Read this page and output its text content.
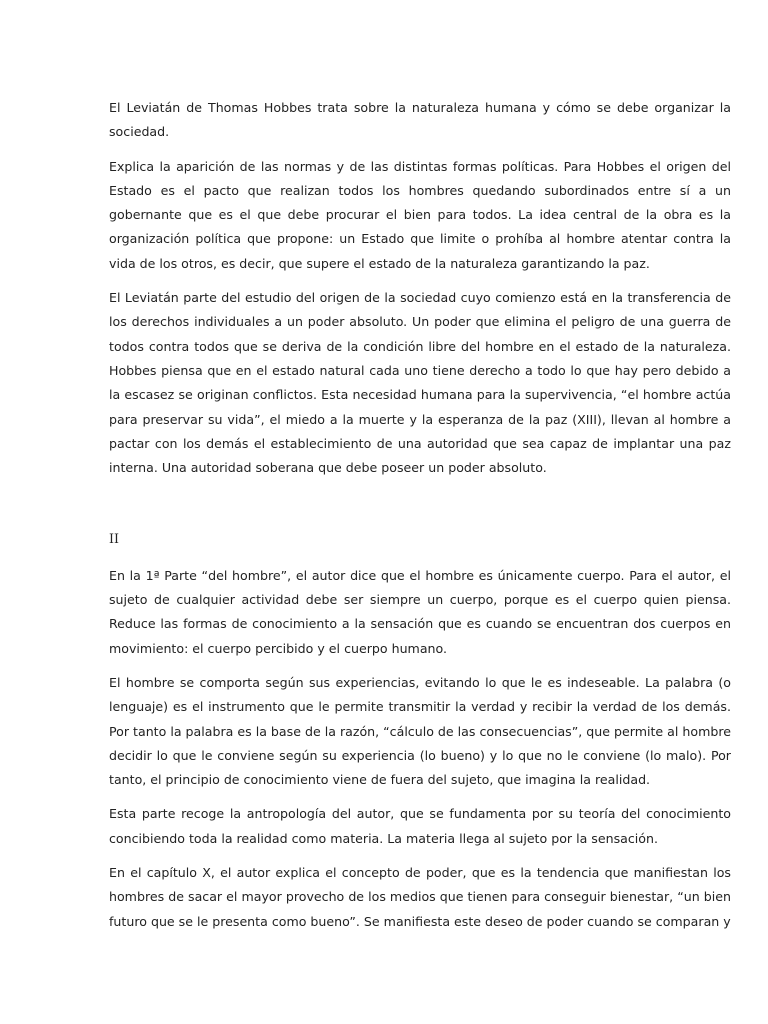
El Leviatán de Thomas Hobbes trata sobre la naturaleza humana y cómo se debe organizar la sociedad.

Explica la aparición de las normas y de las distintas formas políticas. Para Hobbes el origen del Estado es el pacto que realizan todos los hombres quedando subordinados entre sí a un gobernante que es el que debe procurar el bien para todos. La idea central de la obra es la organización política que propone: un Estado que limite o prohíba al hombre atentar contra la vida de los otros, es decir, que supere el estado de la naturaleza garantizando la paz.

El Leviatán parte del estudio del origen de la sociedad cuyo comienzo está en la transferencia de los derechos individuales a un poder absoluto. Un poder que elimina el peligro de una guerra de todos contra todos que se deriva de la condición libre del hombre en el estado de la naturaleza. Hobbes piensa que en el estado natural cada uno tiene derecho a todo lo que hay pero debido a la escasez se originan conflictos. Esta necesidad humana para la supervivencia, “el hombre actúa para preservar su vida”, el miedo a la muerte y la esperanza de la paz (XIII), llevan al hombre a pactar con los demás el establecimiento de una autoridad que sea capaz de implantar una paz interna. Una autoridad soberana que debe poseer un poder absoluto.

II

En la 1ª Parte “del hombre”, el autor dice que el hombre es únicamente cuerpo. Para el autor, el sujeto de cualquier actividad debe ser siempre un cuerpo, porque es el cuerpo quien piensa. Reduce las formas de conocimiento a la sensación que es cuando se encuentran dos cuerpos en movimiento: el cuerpo percibido y el cuerpo humano.

El hombre se comporta según sus experiencias, evitando lo que le es indeseable. La palabra (o lenguaje) es el instrumento que le permite transmitir la verdad y recibir la verdad de los demás. Por tanto la palabra es la base de la razón, “cálculo de las consecuencias”, que permite al hombre decidir lo que le conviene según su experiencia (lo bueno) y lo que no le conviene (lo malo). Por tanto, el principio de conocimiento viene de fuera del sujeto, que imagina la realidad.

Esta parte recoge la antropología del autor, que se fundamenta por su teoría del conocimiento concibiendo toda la realidad como materia. La materia llega al sujeto por la sensación.

En el capítulo X, el autor explica el concepto de poder, que es la tendencia que manifiestan los hombres de sacar el mayor provecho de los medios que tienen para conseguir bienestar, “un bien futuro que se le presenta como bueno”. Se manifiesta este deseo de poder cuando se comparan y
